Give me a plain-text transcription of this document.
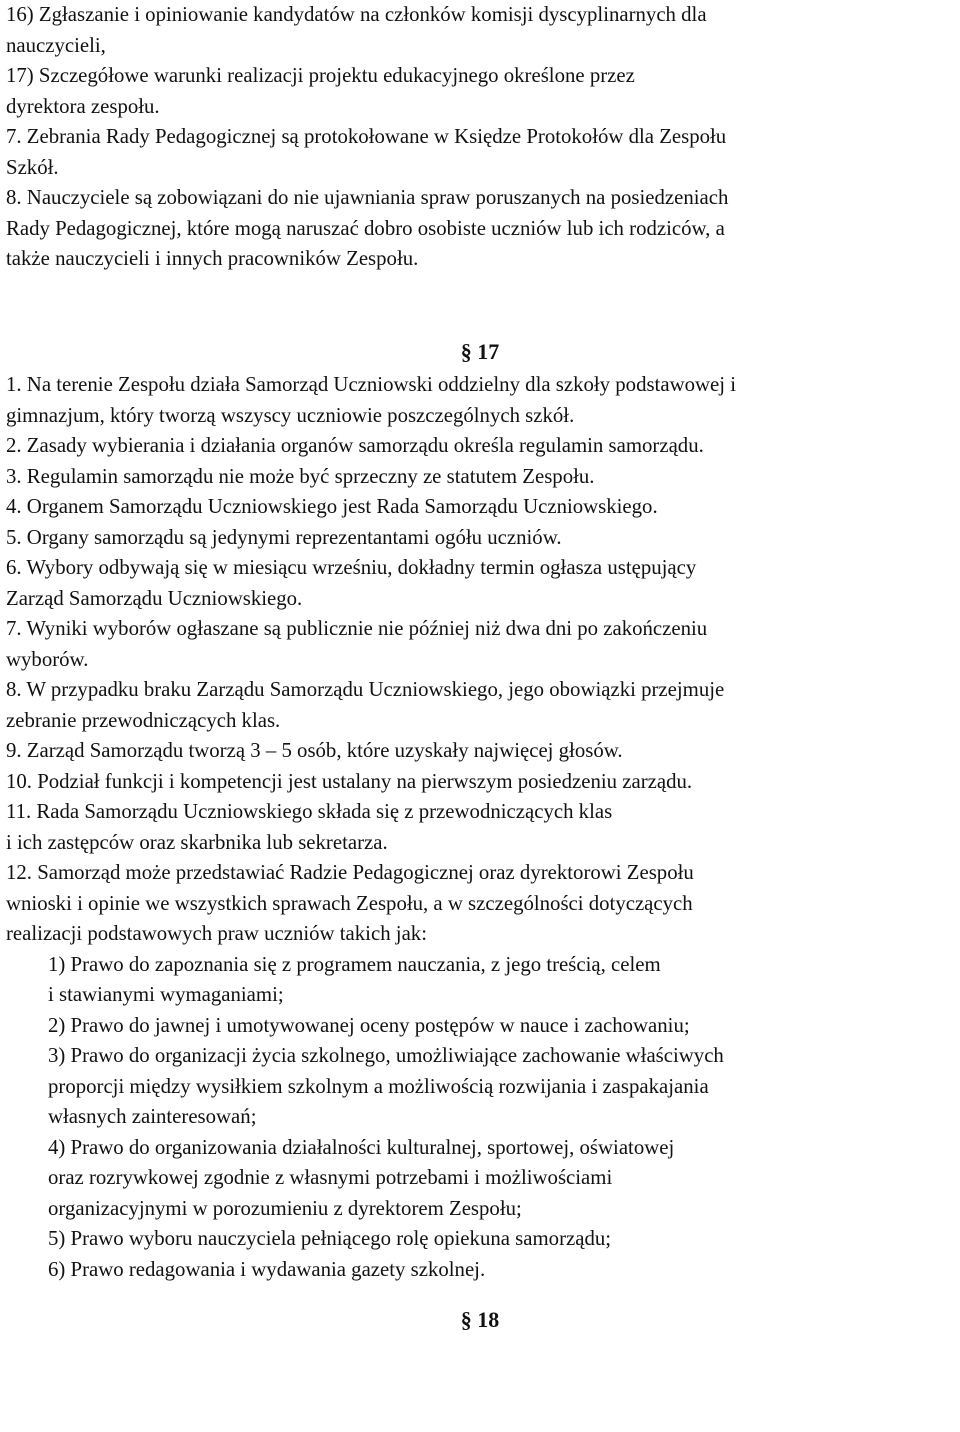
16) Zgłaszanie i opiniowanie kandydatów na członków komisji dyscyplinarnych dla
nauczycieli,
17) Szczegółowe warunki realizacji projektu edukacyjnego określone przez
dyrektora zespołu.
7. Zebrania Rady Pedagogicznej są protokołowane w Księdze Protokołów dla Zespołu
Szkół.
8. Nauczyciele są zobowiązani do nie ujawniania spraw poruszanych na posiedzeniach
Rady Pedagogicznej, które mogą naruszać dobro osobiste uczniów lub ich rodziców, a
także nauczycieli i innych pracowników Zespołu.
§ 17
1. Na terenie Zespołu działa Samorząd Uczniowski oddzielny dla szkoły podstawowej i
gimnazjum, który tworzą wszyscy uczniowie poszczególnych szkół.
2. Zasady wybierania i działania organów samorządu określa regulamin samorządu.
3. Regulamin samorządu nie może być sprzeczny ze statutem Zespołu.
4. Organem Samorządu Uczniowskiego jest Rada Samorządu Uczniowskiego.
5. Organy samorządu są jedynymi reprezentantami ogółu uczniów.
6. Wybory odbywają się w miesiącu wrześniu, dokładny termin ogłasza ustępujący
Zarząd Samorządu Uczniowskiego.
7. Wyniki wyborów ogłaszane są publicznie nie później niż dwa dni po zakończeniu
wyborów.
8. W przypadku braku Zarządu Samorządu Uczniowskiego, jego obowiązki przejmuje
zebranie przewodniczących klas.
9. Zarząd Samorządu tworzą 3 – 5 osób, które uzyskały najwięcej głosów.
10. Podział funkcji i kompetencji jest ustalany na pierwszym posiedzeniu zarządu.
11. Rada Samorządu Uczniowskiego składa się z przewodniczących klas
i ich zastępców oraz skarbnika lub sekretarza.
12. Samorząd może przedstawiać Radzie Pedagogicznej oraz dyrektorowi Zespołu
wnioski i opinie we wszystkich sprawach Zespołu, a w szczególności dotyczących
realizacji podstawowych praw uczniów takich jak:
1) Prawo do zapoznania się z programem nauczania, z jego treścią, celem
i stawianymi wymaganiami;
2) Prawo do jawnej i umotywowanej oceny postępów w nauce i zachowaniu;
3) Prawo do organizacji życia szkolnego, umożliwiające zachowanie właściwych
proporcji między wysiłkiem szkolnym a możliwością rozwijania i zaspakajania
własnych zainteresowań;
4) Prawo do organizowania działalności kulturalnej, sportowej, oświatowej
oraz rozrywkowej zgodnie z własnymi potrzebami i możliwościami
organizacyjnymi w porozumieniu z dyrektorem Zespołu;
5) Prawo wyboru nauczyciela pełniącego rolę opiekuna samorządu;
6) Prawo redagowania i wydawania gazety szkolnej.
§ 18
